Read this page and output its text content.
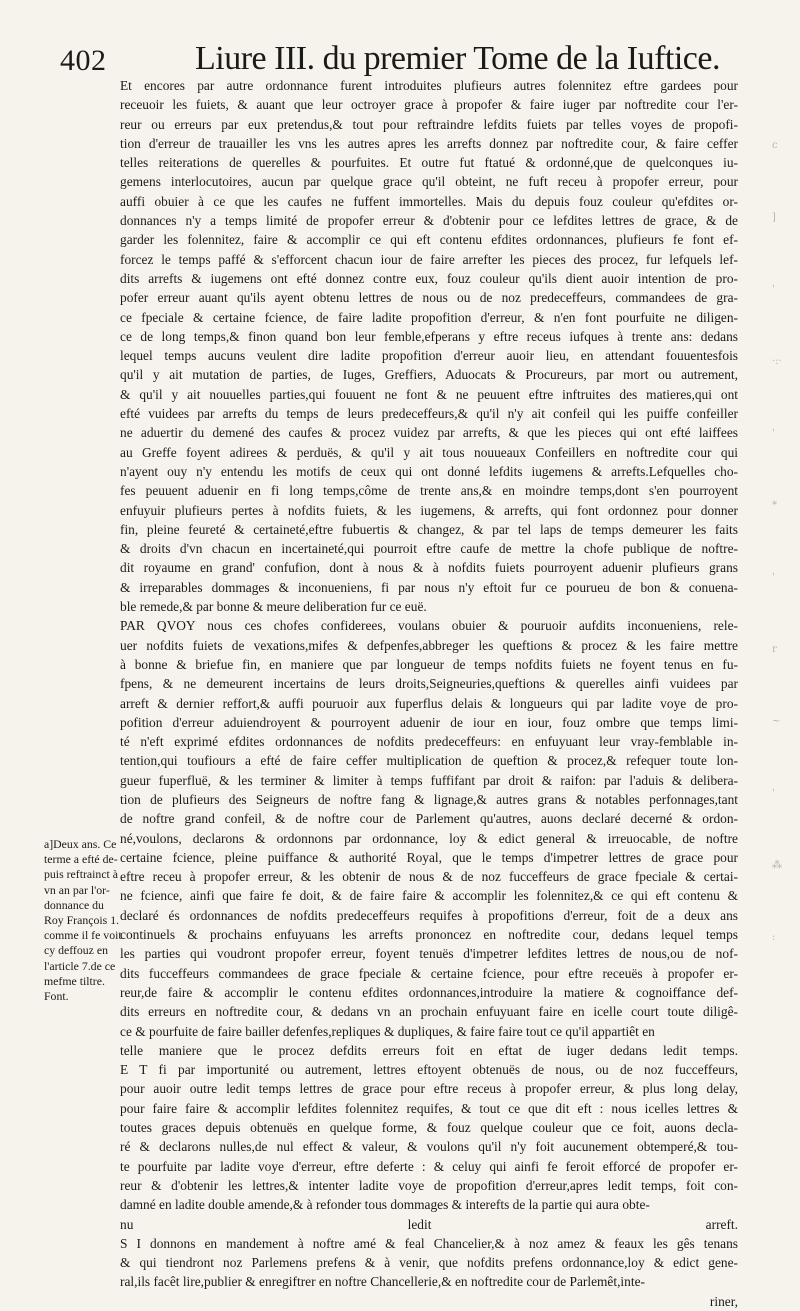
402	Liure III. du premier Tome de la Iuftice.
Et encores par autre ordonnance furent introduites plufieurs autres folennitez eftre gardees pour
receuoir les fuiets, & auant que leur octroyer grace à propofer & faire iuger par noftredite cour l'er-
reur ou erreurs par eux pretendus,& tout pour reftraindre lefdits fuiets par telles voyes de propofi-
tion d'erreur de trauailler les vns les autres apres les arrefts donnez par noftredite cour, & faire ceffer
telles reiterations de querelles & pourfuites. Et outre fut ftatué & ordonné,que de quelconques iu-
gemens interlocutoires, aucun par quelque grace qu'il obteint, ne fuft receu à propofer erreur, pour
auffi obuier à ce que les caufes ne fuffent immortelles. Mais du depuis fouz couleur qu'efdites or-
donnances n'y a temps limité de propofer erreur & d'obtenir pour ce lefdites lettres de grace, & de
garder les folennitez, faire & accomplir ce qui eft contenu efdites ordonnances, plufieurs fe font ef-
forcez le temps paffé & s'efforcent chacun iour de faire arrefter les pieces des procez, fur lefquels lef-
dits arrefts & iugemens ont efté donnez contre eux, fouz couleur qu'ils dient auoir intention de pro-
pofer erreur auant qu'ils ayent obtenu lettres de nous ou de noz predeceffeurs, commandees de gra-
ce fpeciale & certaine fcience, de faire ladite propofition d'erreur, & n'en font pourfuite ne diligen-
ce de long temps,& finon quand bon leur femble,efperans y eftre receus iufques à trente ans: dedans
lequel temps aucuns veulent dire ladite propofition d'erreur auoir lieu, en attendant fouuentesfois
qu'il y ait mutation de parties, de Iuges, Greffiers, Aduocats & Procureurs, par mort ou autrement,
& qu'il y ait nouuelles parties,qui fouuent ne font & ne peuuent eftre inftruites des matieres,qui ont
efté vuidees par arrefts du temps de leurs predeceffeurs,& qu'il n'y ait confeil qui les puiffe confeiller
ne aduertir du demené des caufes & procez vuidez par arrefts, & que les pieces qui ont efté laiffees
au Greffe foyent adirees & perduës, & qu'il y ait tous nouueaux Confeillers en noftredite cour qui
n'ayent ouy n'y entendu les motifs de ceux qui ont donné lefdits iugemens & arrefts.Lefquelles cho-
fes peuuent aduenir en fi long temps,côme de trente ans,& en moindre temps,dont s'en pourroyent
enfuyuir plufieurs pertes à nofdits fuiets, & les iugemens, & arrefts, qui font ordonnez pour donner
fin, pleine feureté & certaineté,eftre fubuertis & changez, & par tel laps de temps demeurer les faits
& droits d'vn chacun en incertaineté,qui pourroit eftre caufe de mettre la chofe publique de noftre-
dit royaume en grand' confufion, dont à nous & à nofdits fuiets pourroyent aduenir plufieurs grans
& irreparables dommages & inconueniens, fi par nous n'y eftoit fur ce pourueu de bon & conuena-
ble remede,& par bonne & meure deliberation fur ce euë.
PAR QVOY nous ces chofes confiderees, voulans obuier & pouruoir aufdits inconueniens, rele-
uer nofdits fuiets de vexations,mifes & defpenfes,abbreger les queftions & procez & les faire mettre
à bonne & briefue fin, en maniere que par longueur de temps nofdits fuiets ne foyent tenus en fu-
fpens, & ne demeurent incertains de leurs droits,Seigneuries,queftions & querelles ainfi vuidees par
arreft & dernier reffort,& auffi pouruoir aux fuperflus delais & longueurs qui par ladite voye de pro-
pofition d'erreur aduiendroyent & pourroyent aduenir de iour en iour, fouz ombre que temps limi-
té n'eft exprimé efdites ordonnances de nofdits predeceffeurs: en enfuyuant leur vray-femblable in-
tention,qui toufiours a efté de faire ceffer multiplication de queftion & procez,& refequer toute lon-
gueur fuperfluë, & les terminer & limiter à temps fuffifant par droit & raifon: par l'aduis & delibera-
tion de plufieurs des Seigneurs de noftre fang & lignage,& autres grans & notables perfonnages,tant
de noftre grand confeil, & de noftre cour de Parlement qu'autres, auons declaré decerné & ordon-
né,voulons, declarons & ordonnons par ordonnance, loy & edict general & irreuocable, de noftre
certaine fcience, pleine puiffance & authorité Royal, que le temps d'impetrer lettres de grace pour
eftre receu à propofer erreur, & les obtenir de nous & de noz fucceffeurs de grace fpeciale & certai-
ne fcience, ainfi que faire fe doit, & de faire faire & accomplir les folennitez,& ce qui eft contenu &
declaré és ordonnances de nofdits predeceffeurs requifes à propofitions d'erreur, foit de a deux ans
continuels & prochains enfuyuans les arrefts prononcez en noftredite cour, dedans lequel temps
les parties qui voudront propofer erreur, foyent tenuës d'impetrer lefdites lettres de nous,ou de nof-
dits fucceffeurs commandees de grace fpeciale & certaine fcience, pour eftre receuës à propofer er-
reur,de faire & accomplir le contenu efdites ordonnances,introduire la matiere & cognoiffance def-
dits erreurs en noftredite cour, & dedans vn an prochain enfuyuant faire en icelle court toute diligê-
ce & pourfuite de faire bailler defenfes,repliques & dupliques, & faire faire tout ce qu'il appartiêt en
telle maniere que le procez defdits erreurs foit en eftat de iuger dedans ledit temps.
E T fi par importunité ou autrement, lettres eftoyent obtenuës de nous, ou de noz fucceffeurs,
pour auoir outre ledit temps lettres de grace pour eftre receus à propofer erreur, & plus long delay,
pour faire faire & accomplir lefdites folennitez requifes, & tout ce que dit eft : nous icelles lettres &
toutes graces depuis obtenuës en quelque forme, & fouz quelque couleur que ce foit, auons decla-
ré & declarons nulles,de nul effect & valeur, & voulons qu'il n'y foit aucunement obtemperé,& tou-
te pourfuite par ladite voye d'erreur, eftre deferte : & celuy qui ainfi fe feroit efforcé de propofer er-
reur & d'obtenir les lettres,& intenter ladite voye de propofition d'erreur,apres ledit temps, foit con-
damné en ladite double amende,& à refonder tous dommages & interefts de la partie qui aura obte-
nu ledit arreft.
S I donnons en mandement à noftre amé & feal Chancelier,& à noz amez & feaux les gês tenans
& qui tiendront noz Parlemens prefens & à venir, que nofdits prefens ordonnance,loy & edict gene-
ral,ils facêt lire,publier & enregiftrer en noftre Chancellerie,& en noftredite cour de Parlemêt,inte-
riner,
a]Deux ans. Ce
terme a efté de-
puis reftrainct à
vn an par l'or-
donnance du
Roy François 1.
comme il fe voit
cy deffouz en
l'article 7.de ce
mefme tiltre.
Font.
c
]
'
·:·
'
*
'
r
~
'
⁂
:
